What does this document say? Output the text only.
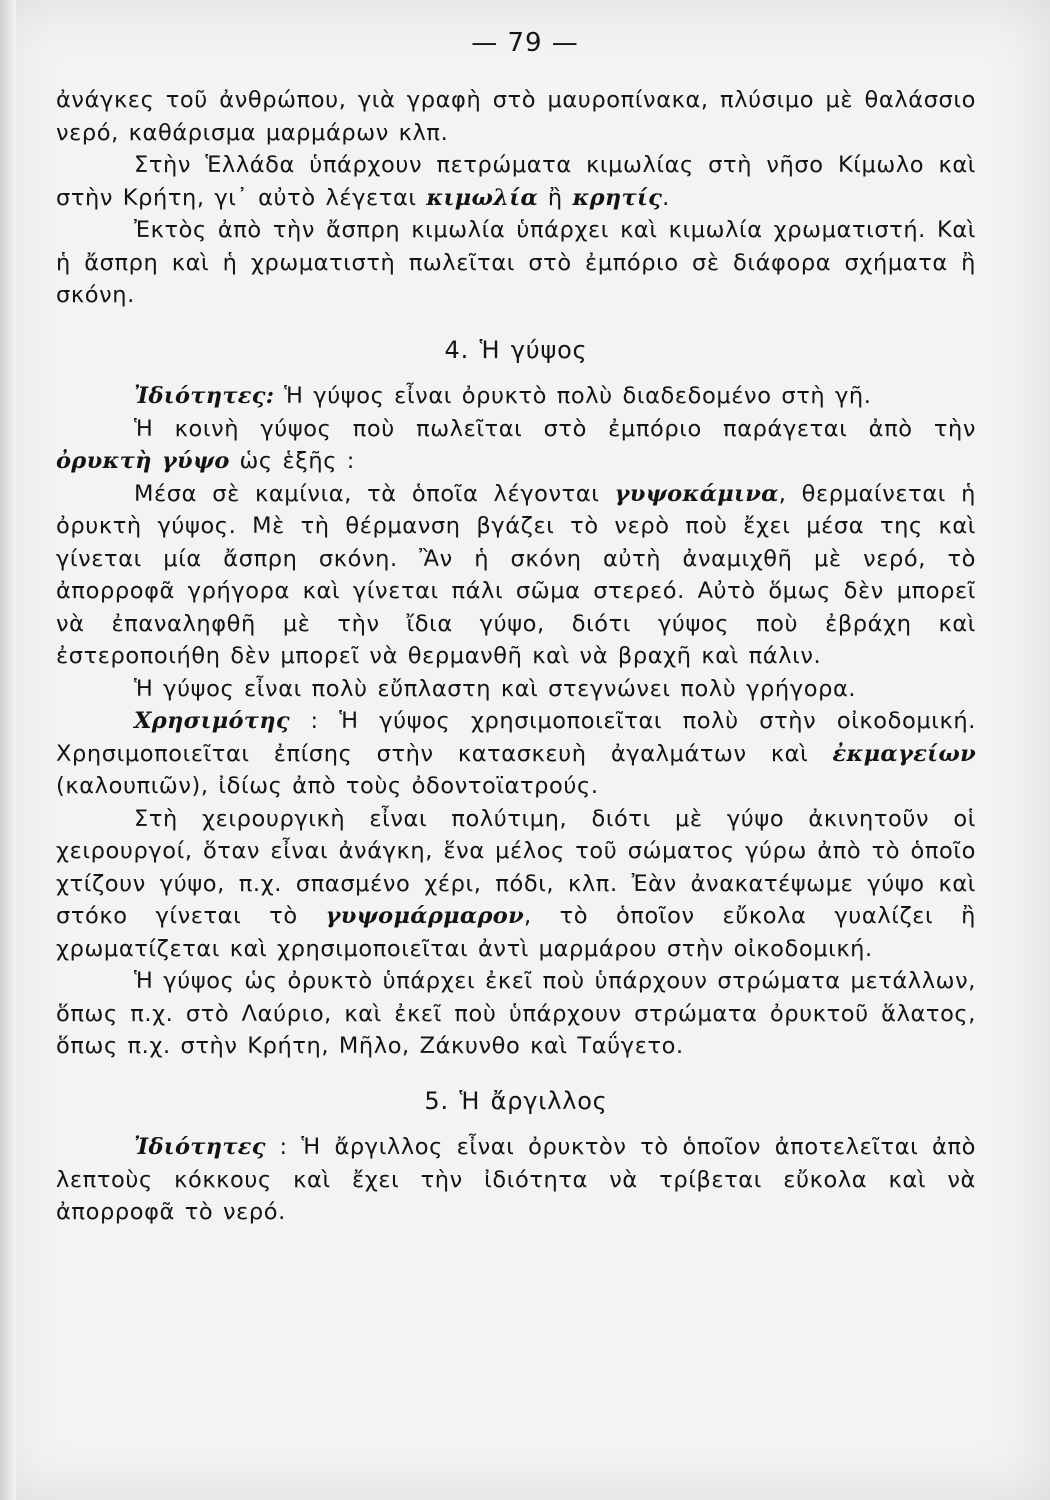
— 79 —

ἀνάγκες τοῦ ἀνθρώπου, γιὰ γραφὴ στὸ μαυροπίνακα, πλύσιμο μὲ θαλάσσιο νερό, καθάρισμα μαρμάρων κλπ.

Στὴν Ἑλλάδα ὑπάρχουν πετρώματα κιμωλίας στὴ νῆσο Κίμωλο καὶ στὴν Κρήτη, γι᾿ αὐτὸ λέγεται κιμωλία ἢ κρητίς.

Ἐκτὸς ἀπὸ τὴν ἄσπρη κιμωλία ὑπάρχει καὶ κιμωλία χρωματιστή. Καὶ ἡ ἄσπρη καὶ ἡ χρωματιστὴ πωλεῖται στὸ ἐμπόριο σὲ διάφορα σχήματα ἢ σκόνη.

4. Ἡ γύψος

Ἰδιότητες: Ἡ γύψος εἶναι ὀρυκτὸ πολὺ διαδεδομένο στὴ γῆ.

Ἡ κοινὴ γύψος ποὺ πωλεῖται στὸ ἐμπόριο παράγεται ἀπὸ τὴν ὀρυκτὴ γύψο ὡς ἑξῆς :

Μέσα σὲ καμίνια, τὰ ὁποῖα λέγονται γυψοκάμινα, θερμαίνεται ἡ ὀρυκτὴ γύψος. Μὲ τὴ θέρμανση βγάζει τὸ νερὸ ποὺ ἔχει μέσα της καὶ γίνεται μία ἄσπρη σκόνη. Ἂν ἡ σκόνη αὐτὴ ἀναμιχθῆ μὲ νερό, τὸ ἀπορροφᾶ γρήγορα καὶ γίνεται πάλι σῶμα στερεό. Αὐτὸ ὅμως δὲν μπορεῖ νὰ ἐπαναληφθῆ μὲ τὴν ἴδια γύψο, διότι γύψος ποὺ ἐβράχη καὶ ἐστεροποιήθη δὲν μπορεῖ νὰ θερμανθῆ καὶ νὰ βραχῆ καὶ πάλιν.

Ἡ γύψος εἶναι πολὺ εὔπλαστη καὶ στεγνώνει πολὺ γρήγορα.

Χρησιμότης : Ἡ γύψος χρησιμοποιεῖται πολὺ στὴν οἰκοδομική. Χρησιμοποιεῖται ἐπίσης στὴν κατασκευὴ ἀγαλμάτων καὶ ἐκμαγείων (καλουπιῶν), ἰδίως ἀπὸ τοὺς ὀδοντοϊατρούς.

Στὴ χειρουργικὴ εἶναι πολύτιμη, διότι μὲ γύψο ἀκινητοῦν οἱ χειρουργοί, ὅταν εἶναι ἀνάγκη, ἕνα μέλος τοῦ σώματος γύρω ἀπὸ τὸ ὁποῖο χτίζουν γύψο, π.χ. σπασμένο χέρι, πόδι, κλπ. Ἐὰν ἀνακατέψωμε γύψο καὶ στόκο γίνεται τὸ γυψομάρμαρον, τὸ ὁποῖον εὔκολα γυαλίζει ἢ χρωματίζεται καὶ χρησιμοποιεῖται ἀντὶ μαρμάρου στὴν οἰκοδομική.

Ἡ γύψος ὡς ὀρυκτὸ ὑπάρχει ἐκεῖ ποὺ ὑπάρχουν στρώματα μετάλλων, ὅπως π.χ. στὸ Λαύριο, καὶ ἐκεῖ ποὺ ὑπάρχουν στρώματα ὀρυκτοῦ ἅλατος, ὅπως π.χ. στὴν Κρήτη, Μῆλο, Ζάκυνθο καὶ Ταΰγετο.

5. Ἡ ἄργιλλος

Ἰδιότητες : Ἡ ἄργιλλος εἶναι ὀρυκτὸν τὸ ὁποῖον ἀποτελεῖται ἀπὸ λεπτοὺς κόκκους καὶ ἔχει τὴν ἰδιότητα νὰ τρίβεται εὔκολα καὶ νὰ ἀπορροφᾶ τὸ νερό.
